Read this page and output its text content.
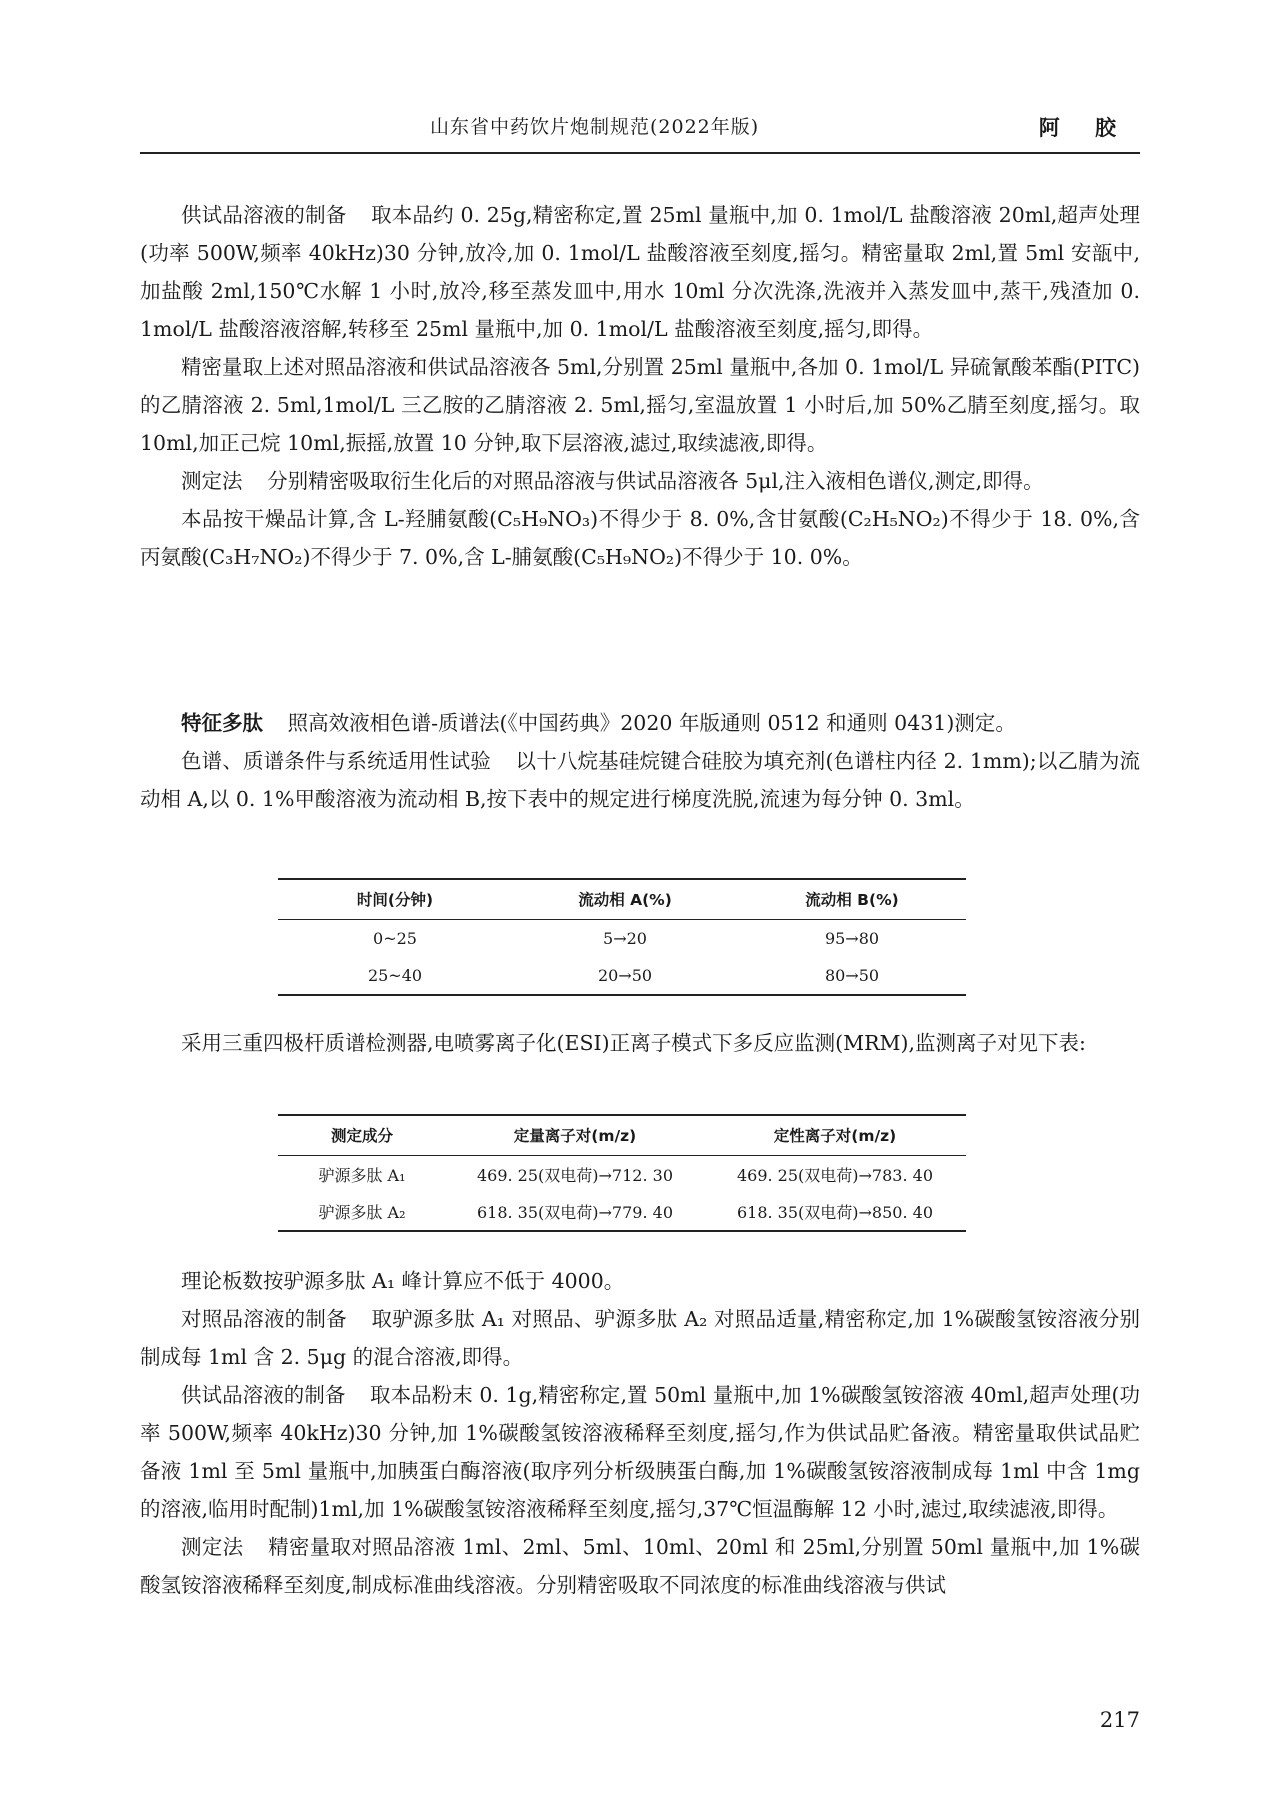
山东省中药饮片炮制规范(2022年版)	阿 胶

供试品溶液的制备 取本品约 0. 25g,精密称定,置 25ml 量瓶中,加 0. 1mol/L 盐酸溶液 20ml,超声处理(功率 500W,频率 40kHz)30 分钟,放冷,加 0. 1mol/L 盐酸溶液至刻度,摇匀。精密量取 2ml,置 5ml 安瓿中,加盐酸 2ml,150℃水解 1 小时,放冷,移至蒸发皿中,用水 10ml 分次洗涤,洗液并入蒸发皿中,蒸干,残渣加 0. 1mol/L 盐酸溶液溶解,转移至 25ml 量瓶中,加 0. 1mol/L 盐酸溶液至刻度,摇匀,即得。

精密量取上述对照品溶液和供试品溶液各 5ml,分别置 25ml 量瓶中,各加 0. 1mol/L 异硫氰酸苯酯(PITC)的乙腈溶液 2. 5ml,1mol/L 三乙胺的乙腈溶液 2. 5ml,摇匀,室温放置 1 小时后,加 50%乙腈至刻度,摇匀。取 10ml,加正己烷 10ml,振摇,放置 10 分钟,取下层溶液,滤过,取续滤液,即得。

测定法 分别精密吸取衍生化后的对照品溶液与供试品溶液各 5μl,注入液相色谱仪,测定,即得。

本品按干燥品计算,含 L-羟脯氨酸(C₅H₉NO₃)不得少于 8. 0%,含甘氨酸(C₂H₅NO₂)不得少于 18. 0%,含丙氨酸(C₃H₇NO₂)不得少于 7. 0%,含 L-脯氨酸(C₅H₉NO₂)不得少于 10. 0%。

特征多肽 照高效液相色谱-质谱法(《中国药典》2020 年版通则 0512 和通则 0431)测定。

色谱、质谱条件与系统适用性试验 以十八烷基硅烷键合硅胶为填充剂(色谱柱内径 2. 1mm);以乙腈为流动相 A,以 0. 1%甲酸溶液为流动相 B,按下表中的规定进行梯度洗脱,流速为每分钟 0. 3ml。

时间(分钟)	流动相 A(%)	流动相 B(%)
0~25	5→20	95→80
25~40	20→50	80→50

采用三重四极杆质谱检测器,电喷雾离子化(ESI)正离子模式下多反应监测(MRM),监测离子对见下表:

测定成分	定量离子对(m/z)	定性离子对(m/z)
驴源多肽 A₁	469. 25(双电荷)→712. 30	469. 25(双电荷)→783. 40
驴源多肽 A₂	618. 35(双电荷)→779. 40	618. 35(双电荷)→850. 40

理论板数按驴源多肽 A₁ 峰计算应不低于 4000。

对照品溶液的制备 取驴源多肽 A₁ 对照品、驴源多肽 A₂ 对照品适量,精密称定,加 1%碳酸氢铵溶液分别制成每 1ml 含 2. 5μg 的混合溶液,即得。

供试品溶液的制备 取本品粉末 0. 1g,精密称定,置 50ml 量瓶中,加 1%碳酸氢铵溶液 40ml,超声处理(功率 500W,频率 40kHz)30 分钟,加 1%碳酸氢铵溶液稀释至刻度,摇匀,作为供试品贮备液。精密量取供试品贮备液 1ml 至 5ml 量瓶中,加胰蛋白酶溶液(取序列分析级胰蛋白酶,加 1%碳酸氢铵溶液制成每 1ml 中含 1mg 的溶液,临用时配制)1ml,加 1%碳酸氢铵溶液稀释至刻度,摇匀,37℃恒温酶解 12 小时,滤过,取续滤液,即得。

测定法 精密量取对照品溶液 1ml、2ml、5ml、10ml、20ml 和 25ml,分别置 50ml 量瓶中,加 1%碳酸氢铵溶液稀释至刻度,制成标准曲线溶液。分别精密吸取不同浓度的标准曲线溶液与供试

217
